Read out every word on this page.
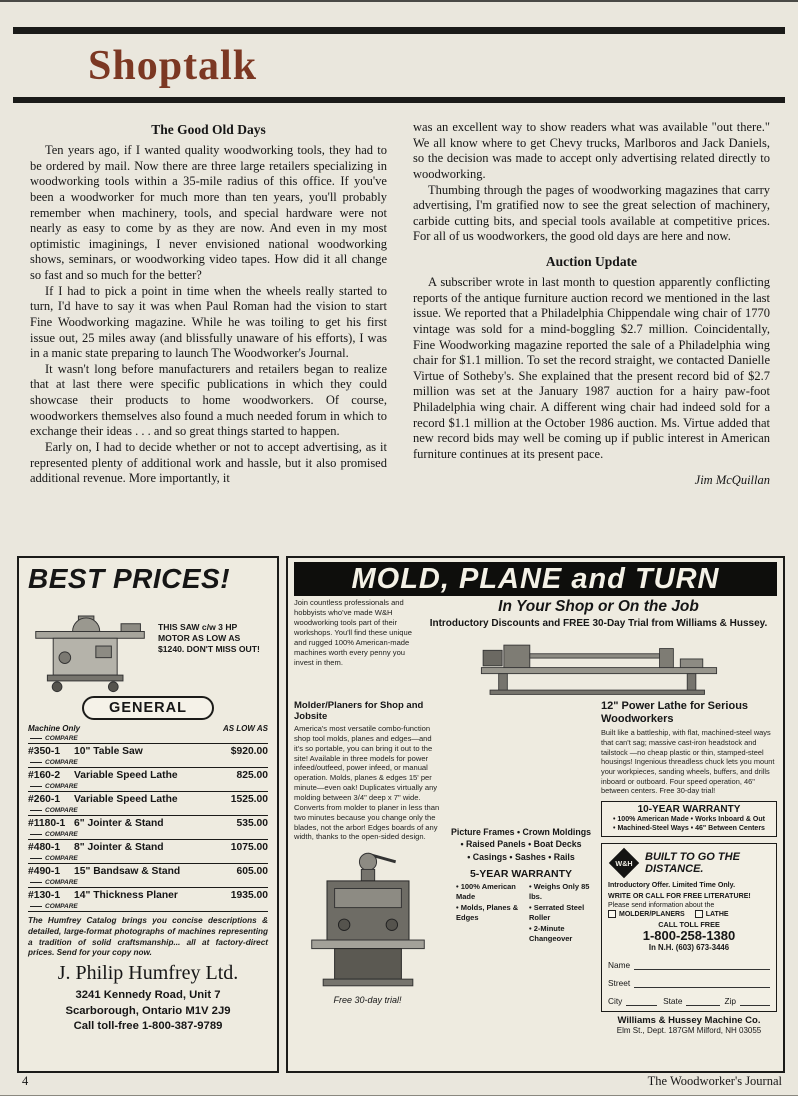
Shoptalk
The Good Old Days

Ten years ago, if I wanted quality woodworking tools, they had to be ordered by mail. Now there are three large retailers specializing in woodworking tools within a 35-mile radius of this office. If you've been a woodworker for much more than ten years, you'll probably remember when machinery, tools, and special hardware were not nearly as easy to come by as they are now. And even in my most optimistic imaginings, I never envisioned national woodworking shows, seminars, or woodworking video tapes. How did it all change so fast and so much for the better?

If I had to pick a point in time when the wheels really started to turn, I'd have to say it was when Paul Roman had the vision to start Fine Woodworking magazine. While he was toiling to get his first issue out, 25 miles away (and blissfully unaware of his efforts), I was in a manic state preparing to launch The Woodworker's Journal.

It wasn't long before manufacturers and retailers began to realize that at last there were specific publications in which they could showcase their products to home woodworkers. Of course, woodworkers themselves also found a much needed forum in which to exchange their ideas . . . and so great things started to happen.

Early on, I had to decide whether or not to accept advertising, as it represented plenty of additional work and hassle, but it also promised additional revenue. More importantly, it

was an excellent way to show readers what was available "out there." We all know where to get Chevy trucks, Marlboros and Jack Daniels, so the decision was made to accept only advertising related directly to woodworking.

Thumbing through the pages of woodworking magazines that carry advertising, I'm gratified now to see the great selection of machinery, carbide cutting bits, and special tools available at competitive prices. For all of us woodworkers, the good old days are here and now.

Auction Update

A subscriber wrote in last month to question apparently conflicting reports of the antique furniture auction record we mentioned in the last issue. We reported that a Philadelphia Chippendale wing chair of 1770 vintage was sold for a mind-boggling $2.7 million. Coincidentally, Fine Woodworking magazine reported the sale of a Philadelphia wing chair for $1.1 million. To set the record straight, we contacted Danielle Virtue of Sotheby's. She explained that the present record bid of $2.7 million was set at the January 1987 auction for a hairy paw-foot Philadelphia wing chair. A different wing chair had indeed sold for a record $1.1 million at the October 1986 auction. Ms. Virtue added that new record bids may well be coming up if public interest in American furniture continues at its present pace.

Jim McQuillan

BEST PRICES!
THIS SAW c/w 3 HP MOTOR AS LOW AS $1240. DON'T MISS OUT!
GENERAL
Machine Only	AS LOW AS
COMPARE
#350-1	10" Table Saw	$920.00
COMPARE
#160-2	Variable Speed Lathe	825.00
COMPARE
#260-1	Variable Speed Lathe	1525.00
COMPARE
#1180-1 6" Jointer & Stand	535.00
COMPARE
#480-1	8" Jointer & Stand	1075.00
COMPARE
#490-1	15" Bandsaw & Stand	605.00
COMPARE
#130-1	14" Thickness Planer	1935.00
COMPARE
The Humfrey Catalog brings you concise descriptions & detailed, large-format photographs of machines representing a tradition of solid craftsmanship... all at factory-direct prices. Send for your copy now.
J. Philip Humfrey Ltd.
3241 Kennedy Road, Unit 7
Scarborough, Ontario M1V 2J9
Call toll-free 1-800-387-9789
MOLD, PLANE and TURN
Join countless professionals and hobbyists who've made W&H woodworking tools part of their workshops. You'll find these unique and rugged 100% American-made machines worth every penny you invest in them.
In Your Shop or On the Job
Introductory Discounts and FREE 30-Day Trial from Williams & Hussey.
Molder/Planers for Shop and Jobsite
America's most versatile combo-function shop tool molds, planes and edges—and it's so portable, you can bring it out to the site! Available in three models for power infeed/outfeed, power infeed, or manual operation. Molds, planes & edges 15' per minute—even oak! Duplicates virtually any molding between 3/4" deep x 7" wide. Converts from molder to planer in less than two minutes because you change only the blades, not the arbor! Edges boards of any width, thanks to the open-sided design.
Free 30-day trial!
Picture Frames • Crown Moldings
• Raised Panels • Boat Decks
• Casings • Sashes • Rails
5-YEAR WARRANTY
• 100% American Made
• Molds, Planes & Edges
• Weighs Only 85 lbs.
• Serrated Steel Roller
• 2-Minute Changeover
12" Power Lathe for Serious Woodworkers
Built like a battleship, with flat, machined-steel ways that can't sag; massive cast-iron headstock and tailstock —no cheap plastic or thin, stamped-steel housings! Ingenious threadless chuck lets you mount your workpieces, sanding wheels, buffers, and drills inboard or outboard. Four speed operation, 46" between centers. Free 30-day trial!
10-YEAR WARRANTY
• 100% American Made • Works Inboard & Out
• Machined-Steel Ways • 46" Between Centers
W&H
BUILT TO GO THE DISTANCE.
Introductory Offer. Limited Time Only.
WRITE OR CALL FOR FREE LITERATURE!
Please send information about the
MOLDER/PLANERS	LATHE
CALL TOLL FREE
1-800-258-1380
In N.H. (603) 673-3446
Name
Street
City	State	Zip
Williams & Hussey Machine Co.
Elm St., Dept. 187GM Milford, NH 03055
4	The Woodworker's Journal
